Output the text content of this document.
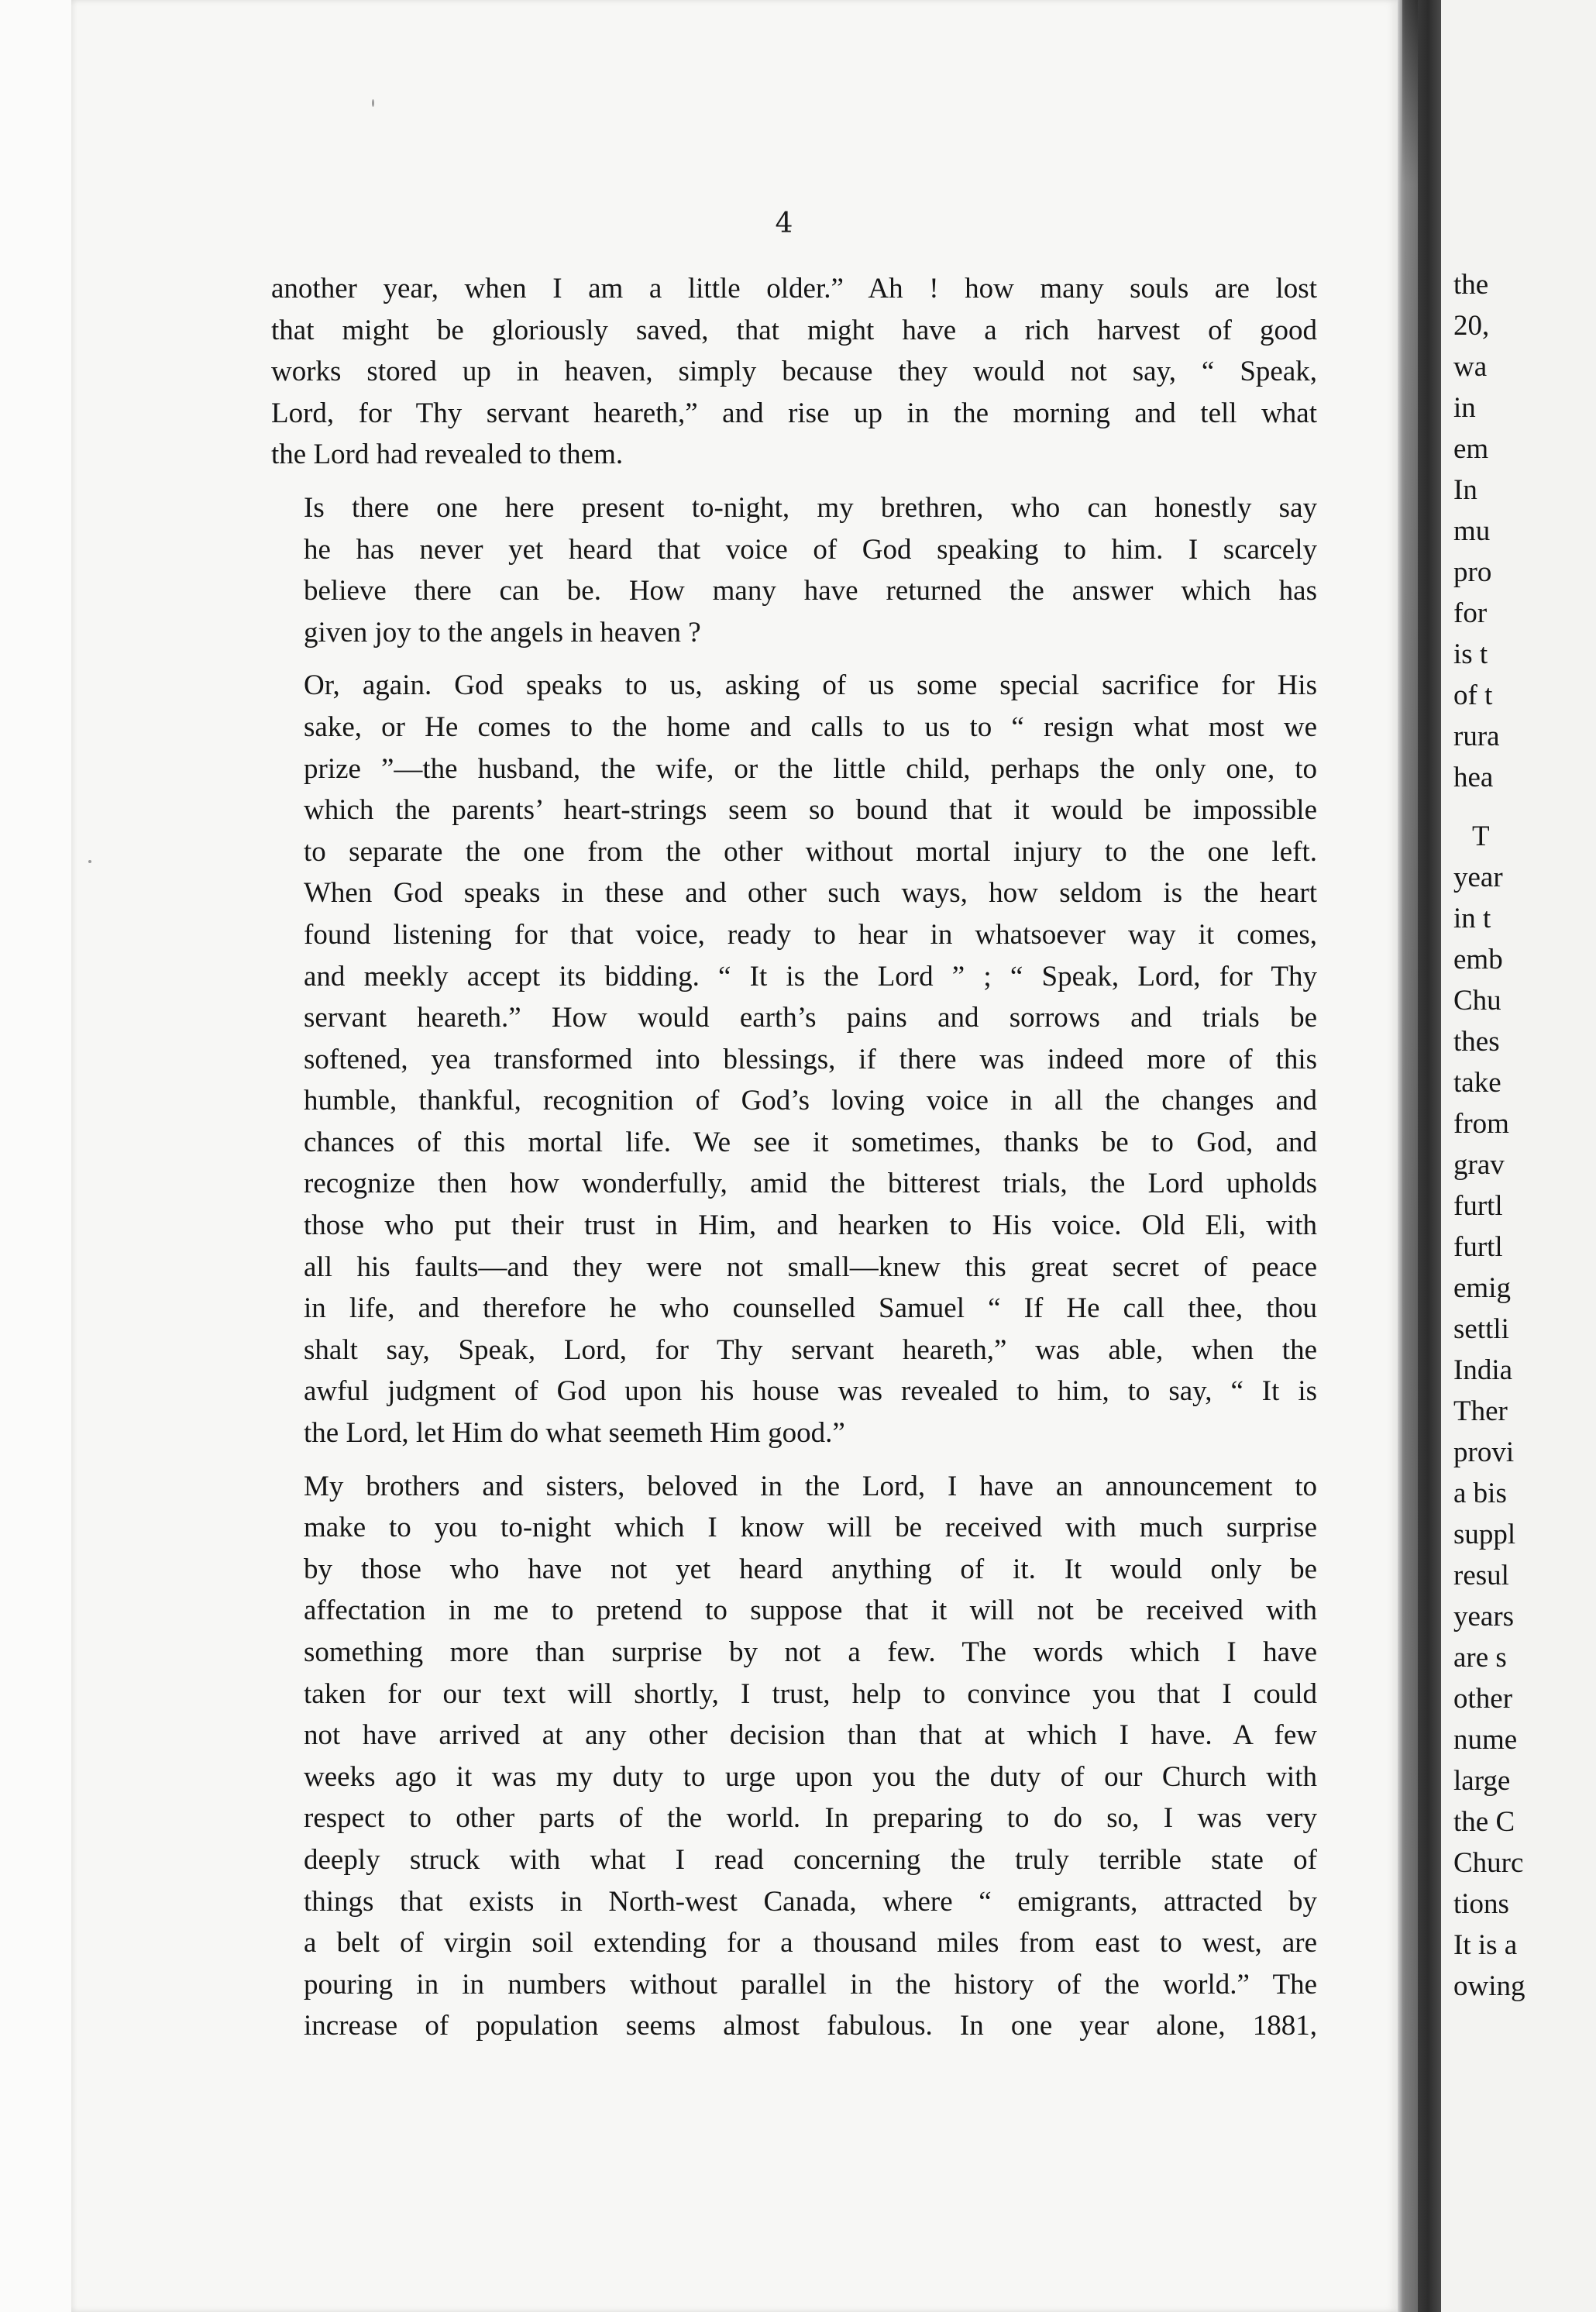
4

another year, when I am a little older.” Ah ! how many souls are lost
that might be gloriously saved, that might have a rich harvest of good
works stored up in heaven, simply because they would not say, “ Speak,
Lord, for Thy servant heareth,” and rise up in the morning and tell what
the Lord had revealed to them.

Is there one here present to-night, my brethren, who can honestly say
he has never yet heard that voice of God speaking to him. I scarcely
believe there can be. How many have returned the answer which has
given joy to the angels in heaven ?

Or, again. God speaks to us, asking of us some special sacrifice for His
sake, or He comes to the home and calls to us to “ resign what most we
prize ”—the husband, the wife, or the little child, perhaps the only one, to
which the parents’ heart-strings seem so bound that it would be impossible
to separate the one from the other without mortal injury to the one left.
When God speaks in these and other such ways, how seldom is the heart
found listening for that voice, ready to hear in whatsoever way it comes,
and meekly accept its bidding. “ It is the Lord ” ; “ Speak, Lord, for Thy
servant heareth.” How would earth’s pains and sorrows and trials be
softened, yea transformed into blessings, if there was indeed more of this
humble, thankful, recognition of God’s loving voice in all the changes and
chances of this mortal life. We see it sometimes, thanks be to God, and
recognize then how wonderfully, amid the bitterest trials, the Lord upholds
those who put their trust in Him, and hearken to His voice. Old Eli, with
all his faults—and they were not small—knew this great secret of peace
in life, and therefore he who counselled Samuel “ If He call thee, thou
shalt say, Speak, Lord, for Thy servant heareth,” was able, when the
awful judgment of God upon his house was revealed to him, to say, “ It is
the Lord, let Him do what seemeth Him good.”

My brothers and sisters, beloved in the Lord, I have an announcement to
make to you to-night which I know will be received with much surprise
by those who have not yet heard anything of it. It would only be
affectation in me to pretend to suppose that it will not be received with
something more than surprise by not a few. The words which I have
taken for our text will shortly, I trust, help to convince you that I could
not have arrived at any other decision than that at which I have. A few
weeks ago it was my duty to urge upon you the duty of our Church with
respect to other parts of the world. In preparing to do so, I was very
deeply struck with what I read concerning the truly terrible state of
things that exists in North-west Canada, where “ emigrants, attracted by
a belt of virgin soil extending for a thousand miles from east to west, are
pouring in in numbers without parallel in the history of the world.” The
increase of population seems almost fabulous. In one year alone, 1881,

the
20,
wa
in
em
In
mu
pro
for
is t
of t
rura
hea
T
year
in t
emb
Chu
thes
take
from
grav
furtl
furtl
emig
settli
India
Ther
provi
a bis
suppl
resul
years
are s
other
nume
large
the C
Churc
tions
It is a
owing
